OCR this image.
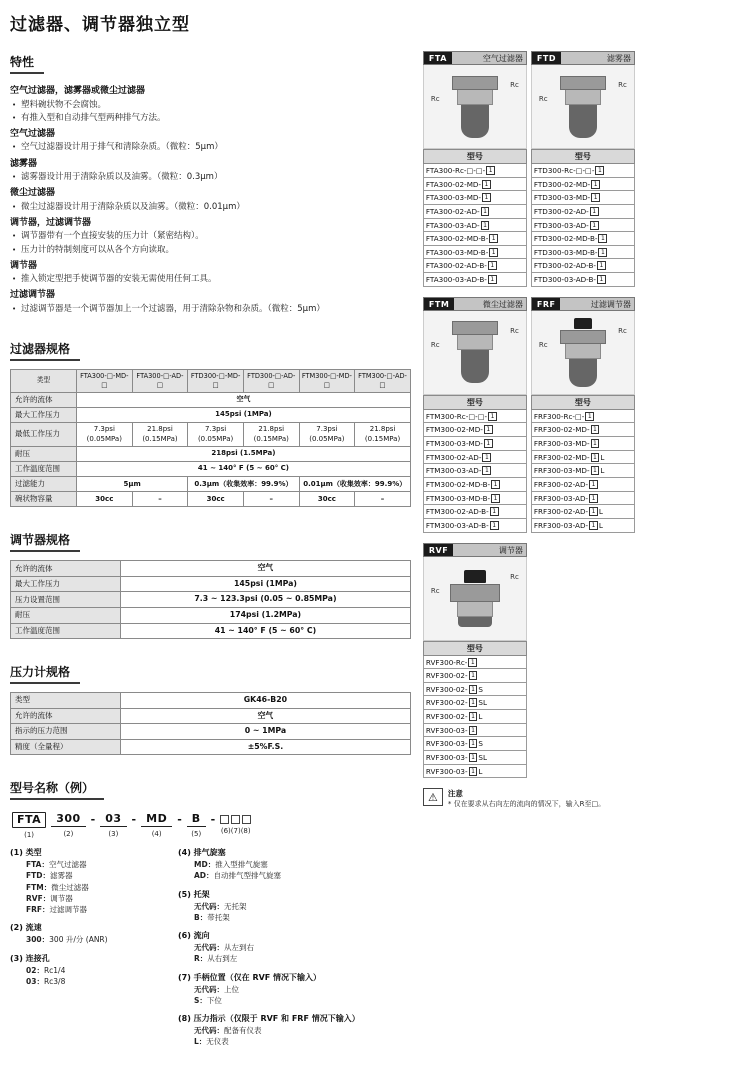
过滤器、调节器独立型
特性
空气过滤器，滤雾器或微尘过滤器
• 塑料碗状物不会腐蚀。
• 有推入型和自动排气型两种排气方法。
空气过滤器
• 空气过滤器设计用于排气和清除杂质。（微粒：5μm）
滤雾器
• 滤雾器设计用于清除杂质以及油雾。（微粒：0.3μm）
微尘过滤器
• 微尘过滤器设计用于清除杂质以及油雾。（微粒：0.01μm）
调节器，过滤调节器
• 调节器带有一个直接安装的压力计（紧密结构）。
• 压力计的特制刻度可以从各个方向读取。
调节器
• 推入锁定型把手使调节器的安装无需使用任何工具。
过滤调节器
• 过滤调节器是一个调节器加上一个过滤器，用于清除杂物和杂质。（微粒：5μm）
过滤器规格
类型	FTA300-□-MD-□	FTA300-□-AD-□	FTD300-□-MD-□	FTD300-□-AD-□	FTM300-□-MD-□	FTM300-□-AD-□
允许的流体	空气					
最大工作压力	145psi (1MPa)					
最低工作压力	7.3psi (0.05MPa)	21.8psi (0.15MPa)	7.3psi (0.05MPa)	21.8psi (0.15MPa)	7.3psi (0.05MPa)	21.8psi (0.15MPa)
耐压	218psi (1.5MPa)					
工作温度范围	41 ~ 140° F (5 ~ 60° C)					
过滤能力	5μm		0.3μm（收集效率：99.9%）		0.01μm（收集效率：99.9%）	
碗状物容量	30cc	–	30cc	–	30cc	–
调节器规格
允许的流体	空气
最大工作压力	145psi (1MPa)
压力设置范围	7.3 ~ 123.3psi (0.05 ~ 0.85MPa)
耐压	174psi (1.2MPa)
工作温度范围	41 ~ 140° F (5 ~ 60° C)
压力计规格
类型	GK46-B20
允许的流体	空气
指示的压力范围	0 ~ 1MPa
精度（全量程）	±5%F.S.
型号名称（例）
FTA
(1)
300
(2)
- 03
(3)
- MD
(4)
- B
(5)
-
(6)(7)(8)
(1) 类型
FTA ： 空气过滤器
FTD ： 滤雾器
FTM ： 微尘过滤器
RVF ： 调节器
FRF ： 过滤调节器
(2) 流速
300 ： 300 升/分 (ANR)
(3) 连接孔
02 ： Rc1/4
03 ： Rc3/8
(4) 排气旋塞
MD ： 推入型排气旋塞
AD ： 自动排气型排气旋塞
(5) 托架
无代码 ： 无托架
B ： 带托架
(6) 流向
无代码 ： 从左到右
R ： 从右到左
(7) 手柄位置（仅在 RVF 情况下输入）
无代码 ： 上位
S ： 下位
(8) 压力指示（仅限于 RVF 和 FRF 情况下输入）
无代码 ： 配备有仪表
L ： 无仪表
FTA	空气过滤器
Rc
Rc
型号
FTA300-Rc-□-□- 1
FTA300-02-MD- 1
FTA300-03-MD- 1
FTA300-02-AD- 1
FTA300-03-AD- 1
FTA300-02-MD-B- 1
FTA300-03-MD-B- 1
FTA300-02-AD-B- 1
FTA300-03-AD-B- 1
FTD	滤雾器
Rc
Rc
型号
FTD300-Rc-□-□- 1
FTD300-02-MD- 1
FTD300-03-MD- 1
FTD300-02-AD- 1
FTD300-03-AD- 1
FTD300-02-MD-B- 1
FTD300-03-MD-B- 1
FTD300-02-AD-B- 1
FTD300-03-AD-B- 1
FTM	微尘过滤器
Rc
Rc
型号
FTM300-Rc-□-□- 1
FTM300-02-MD- 1
FTM300-03-MD- 1
FTM300-02-AD- 1
FTM300-03-AD- 1
FTM300-02-MD-B- 1
FTM300-03-MD-B- 1
FTM300-02-AD-B- 1
FTM300-03-AD-B- 1
FRF	过滤调节器
Rc
Rc
型号
FRF300-Rc-□- 1
FRF300-02-MD- 1
FRF300-03-MD- 1
FRF300-02-MD- 1 L
FRF300-03-MD- 1 L
FRF300-02-AD- 1
FRF300-03-AD- 1
FRF300-02-AD- 1 L
FRF300-03-AD- 1 L
RVF	调节器
Rc
Rc
型号
RVF300-Rc- 1
RVF300-02- 1
RVF300-02- 1 S
RVF300-02- 1 SL
RVF300-02- 1 L
RVF300-03- 1
RVF300-03- 1 S
RVF300-03- 1 SL
RVF300-03- 1 L
⚠	注意
* 仅在要求从右向左的流向的情况下，输入R至□。
